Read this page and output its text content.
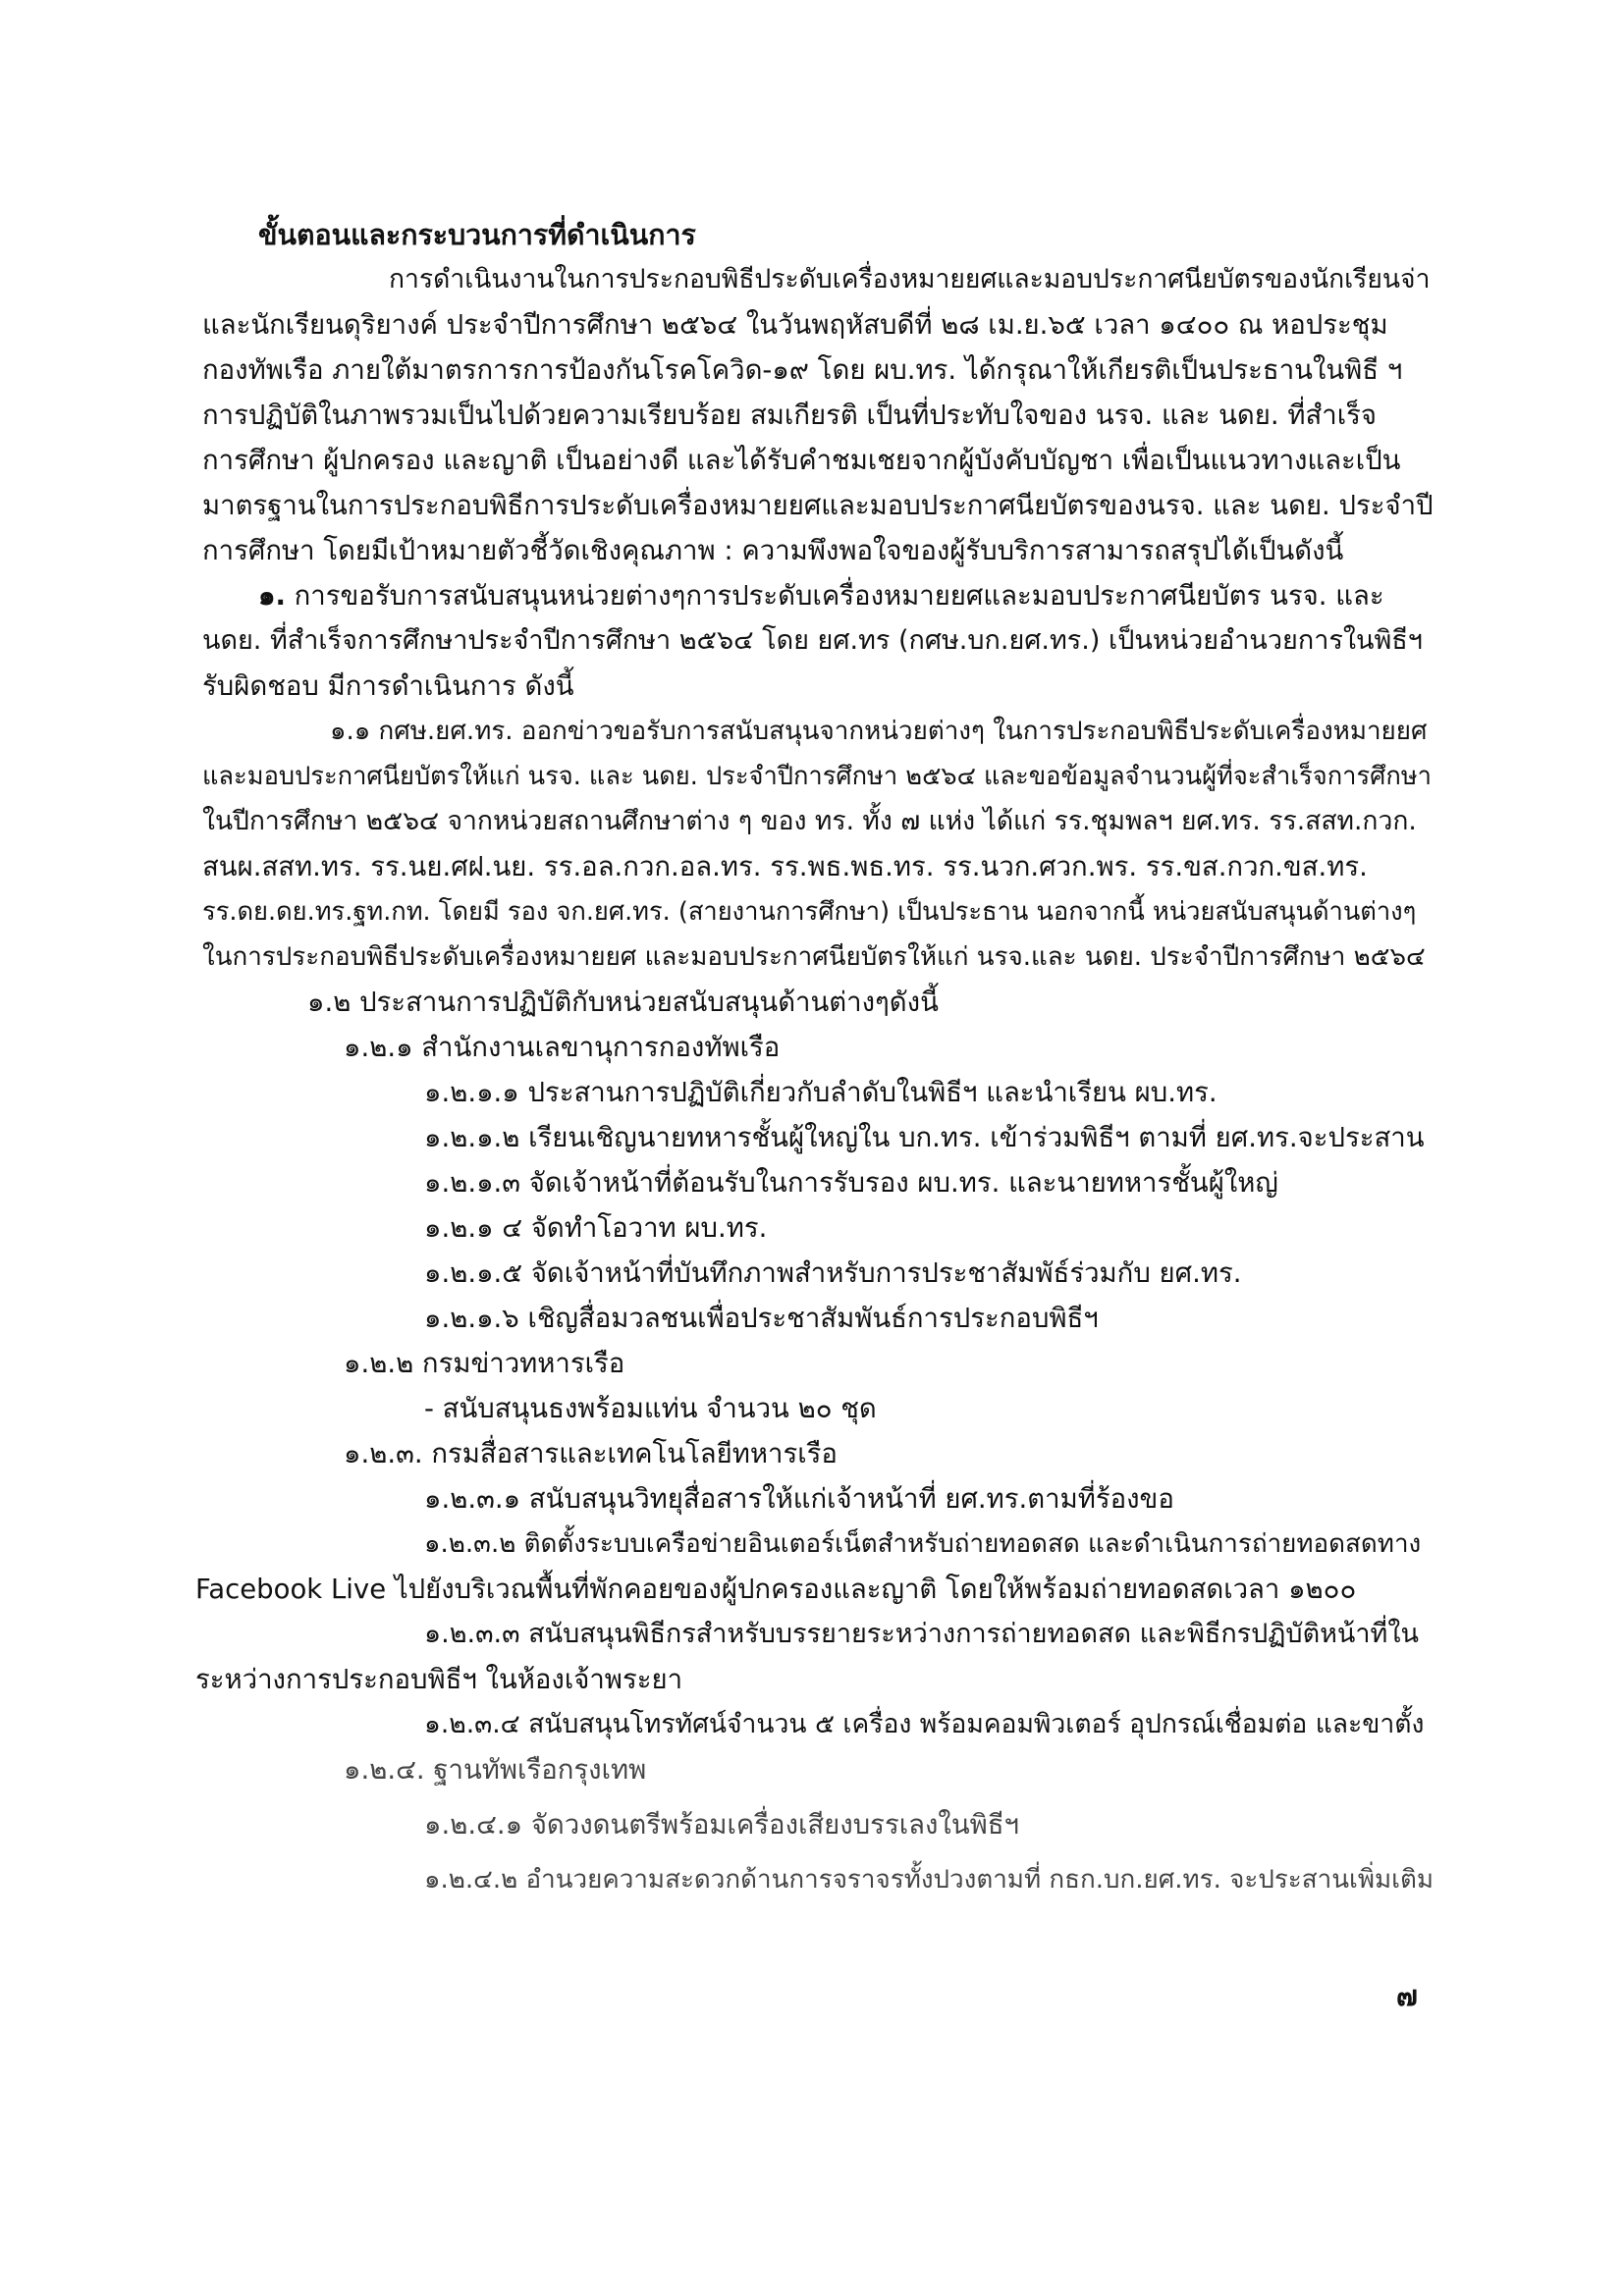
ขั้นตอนและกระบวนการที่ดำเนินการ
การดำเนินงานในการประกอบพิธีประดับเครื่องหมายยศและมอบประกาศนียบัตรของนักเรียนจ่า
และนักเรียนดุริยางค์ ประจำปีการศึกษา ๒๕๖๔ ในวันพฤหัสบดีที่ ๒๘ เม.ย.๖๕ เวลา ๑๔๐๐ ณ หอประชุม
กองทัพเรือ ภายใต้มาตรการการป้องกันโรคโควิด-๑๙ โดย ผบ.ทร. ได้กรุณาให้เกียรติเป็นประธานในพิธี ฯ
การปฏิบัติในภาพรวมเป็นไปด้วยความเรียบร้อย สมเกียรติ เป็นที่ประทับใจของ นรจ. และ นดย. ที่สำเร็จ
การศึกษา ผู้ปกครอง และญาติ เป็นอย่างดี และได้รับคำชมเชยจากผู้บังคับบัญชา เพื่อเป็นแนวทางและเป็น
มาตรฐานในการประกอบพิธีการประดับเครื่องหมายยศและมอบประกาศนียบัตรของนรจ. และ นดย. ประจำปี
การศึกษา โดยมีเป้าหมายตัวชี้วัดเชิงคุณภาพ : ความพึงพอใจของผู้รับบริการสามารถสรุปได้เป็นดังนี้
๑. การขอรับการสนับสนุนหน่วยต่างๆการประดับเครื่องหมายยศและมอบประกาศนียบัตร นรจ. และ
นดย. ที่สำเร็จการศึกษาประจำปีการศึกษา ๒๕๖๔ โดย ยศ.ทร (กศษ.บก.ยศ.ทร.) เป็นหน่วยอำนวยการในพิธีฯ
รับผิดชอบ มีการดำเนินการ ดังนี้
๑.๑ กศษ.ยศ.ทร. ออกข่าวขอรับการสนับสนุนจากหน่วยต่างๆ ในการประกอบพิธีประดับเครื่องหมายยศ
และมอบประกาศนียบัตรให้แก่ นรจ. และ นดย. ประจำปีการศึกษา ๒๕๖๔ และขอข้อมูลจำนวนผู้ที่จะสำเร็จการศึกษา
ในปีการศึกษา ๒๕๖๔ จากหน่วยสถานศึกษาต่าง ๆ ของ ทร. ทั้ง ๗ แห่ง ได้แก่ รร.ชุมพลฯ ยศ.ทร. รร.สสท.กวก.
สนผ.สสท.ทร. รร.นย.ศฝ.นย. รร.อล.กวก.อล.ทร. รร.พธ.พธ.ทร. รร.นวก.ศวก.พร. รร.ขส.กวก.ขส.ทร.
รร.ดย.ดย.ทร.ฐท.กท. โดยมี รอง จก.ยศ.ทร. (สายงานการศึกษา) เป็นประธาน นอกจากนี้ หน่วยสนับสนุนด้านต่างๆ
ในการประกอบพิธีประดับเครื่องหมายยศ และมอบประกาศนียบัตรให้แก่ นรจ.และ นดย. ประจำปีการศึกษา ๒๕๖๔
๑.๒ ประสานการปฏิบัติกับหน่วยสนับสนุนด้านต่างๆดังนี้
๑.๒.๑ สำนักงานเลขานุการกองทัพเรือ
๑.๒.๑.๑ ประสานการปฏิบัติเกี่ยวกับลำดับในพิธีฯ และนำเรียน ผบ.ทร.
๑.๒.๑.๒ เรียนเชิญนายทหารชั้นผู้ใหญ่ใน บก.ทร. เข้าร่วมพิธีฯ ตามที่ ยศ.ทร.จะประสาน
๑.๒.๑.๓ จัดเจ้าหน้าที่ต้อนรับในการรับรอง ผบ.ทร. และนายทหารชั้นผู้ใหญ่
๑.๒.๑ ๔ จัดทำโอวาท ผบ.ทร.
๑.๒.๑.๕ จัดเจ้าหน้าที่บันทึกภาพสำหรับการประชาสัมพัธ์ร่วมกับ ยศ.ทร.
๑.๒.๑.๖ เชิญสื่อมวลชนเพื่อประชาสัมพันธ์การประกอบพิธีฯ
๑.๒.๒ กรมข่าวทหารเรือ
- สนับสนุนธงพร้อมแท่น จำนวน ๒๐ ชุด
๑.๒.๓. กรมสื่อสารและเทคโนโลยีทหารเรือ
๑.๒.๓.๑ สนับสนุนวิทยุสื่อสารให้แก่เจ้าหน้าที่ ยศ.ทร.ตามที่ร้องขอ
๑.๒.๓.๒ ติดตั้งระบบเครือข่ายอินเตอร์เน็ตสำหรับถ่ายทอดสด และดำเนินการถ่ายทอดสดทาง
Facebook Live ไปยังบริเวณพื้นที่พักคอยของผู้ปกครองและญาติ โดยให้พร้อมถ่ายทอดสดเวลา ๑๒๐๐
๑.๒.๓.๓ สนับสนุนพิธีกรสำหรับบรรยายระหว่างการถ่ายทอดสด และพิธีกรปฏิบัติหน้าที่ใน
ระหว่างการประกอบพิธีฯ ในห้องเจ้าพระยา
๑.๒.๓.๔ สนับสนุนโทรทัศน์จำนวน ๕ เครื่อง พร้อมคอมพิวเตอร์ อุปกรณ์เชื่อมต่อ และขาตั้ง
๑.๒.๔. ฐานทัพเรือกรุงเทพ
๑.๒.๔.๑ จัดวงดนตรีพร้อมเครื่องเสียงบรรเลงในพิธีฯ
๑.๒.๔.๒ อำนวยความสะดวกด้านการจราจรทั้งปวงตามที่ กธก.บก.ยศ.ทร. จะประสานเพิ่มเติม
๗
